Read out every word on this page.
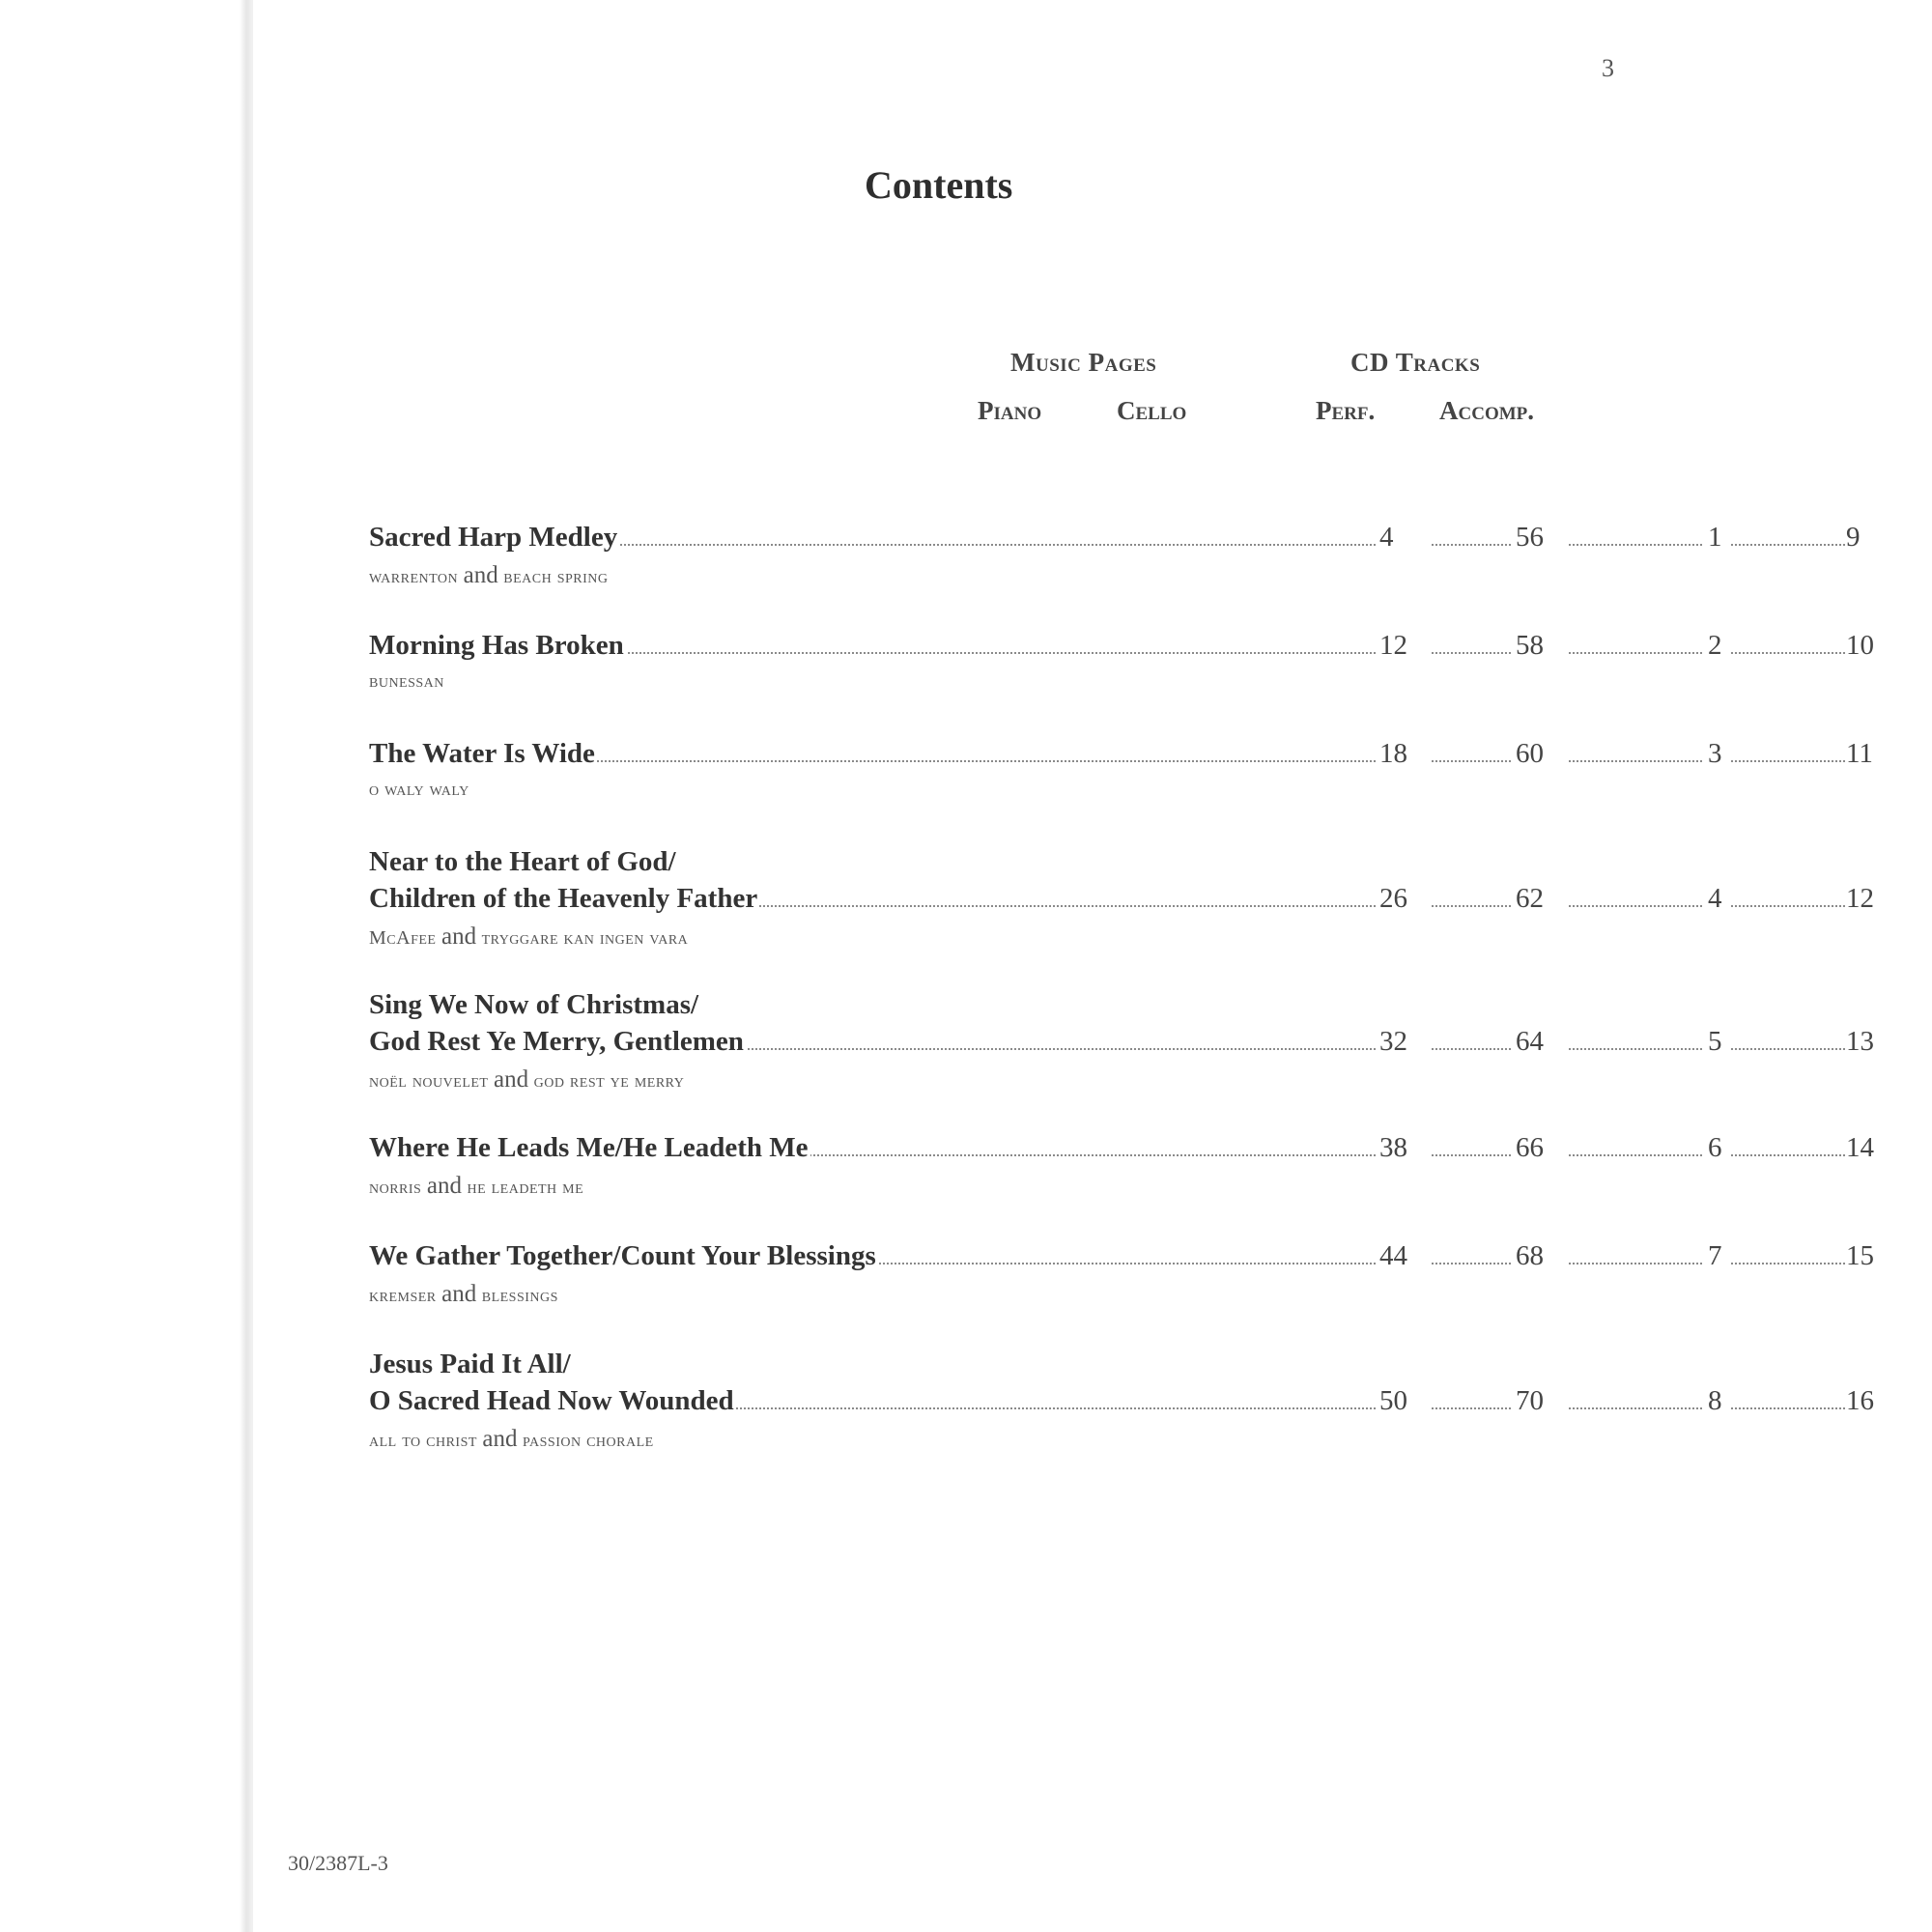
3
Contents
Music Pages	CD Tracks
Piano	Cello	Perf. Accomp.
Sacred Harp Medley	4	56	1	9
warrenton and beach spring
Morning Has Broken	12	58	2	10
bunessan
The Water Is Wide	18	60	3	11
o waly waly
Near to the Heart of God/
Children of the Heavenly Father	26	62	4	12
McAfee and tryggare kan ingen vara
Sing We Now of Christmas/
God Rest Ye Merry, Gentlemen	32	64	5	13
noël nouvelet and god rest ye merry
Where He Leads Me/He Leadeth Me	38	66	6	14
norris and he leadeth me
We Gather Together/Count Your Blessings	44	68	7	15
kremser and blessings
Jesus Paid It All/
O Sacred Head Now Wounded	50	70	8	16
all to christ and passion chorale
30/2387L-3
